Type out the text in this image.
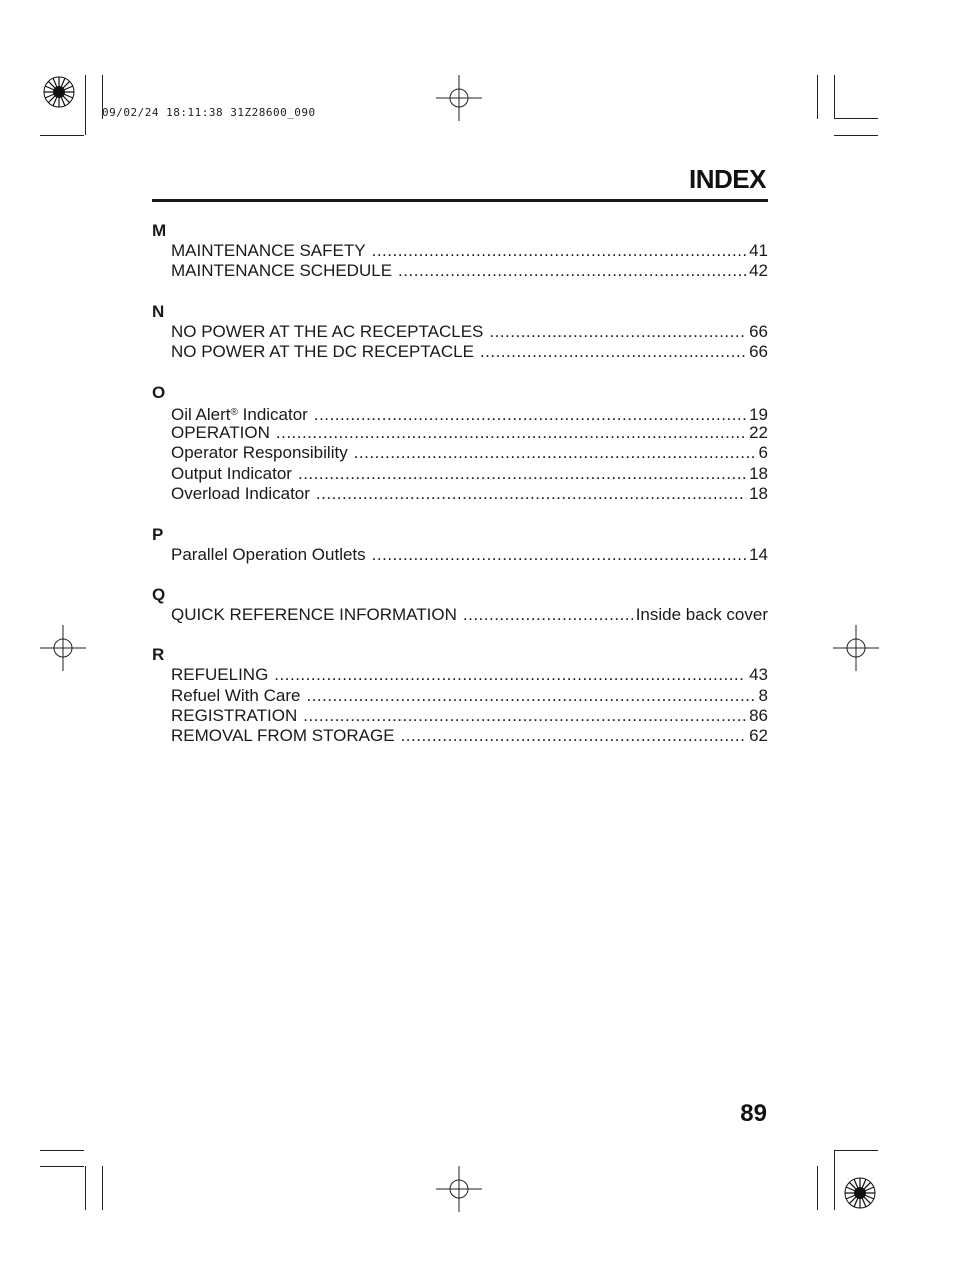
09/02/24 18:11:38 31Z28600_090
INDEX
M
MAINTENANCE SAFETY .....	41
MAINTENANCE SCHEDULE .....	42
N
NO POWER AT THE AC RECEPTACLES .....	66
NO POWER AT THE DC RECEPTACLE .....	66
O
Oil Alert® Indicator .....	19
OPERATION .....	22
Operator Responsibility .....	6
Output Indicator .....	18
Overload Indicator .....	18
P
Parallel Operation Outlets .....	14
Q
QUICK REFERENCE INFORMATION .....	Inside back cover
R
REFUELING .....	43
Refuel With Care .....	8
REGISTRATION .....	86
REMOVAL FROM STORAGE .....	62
89
